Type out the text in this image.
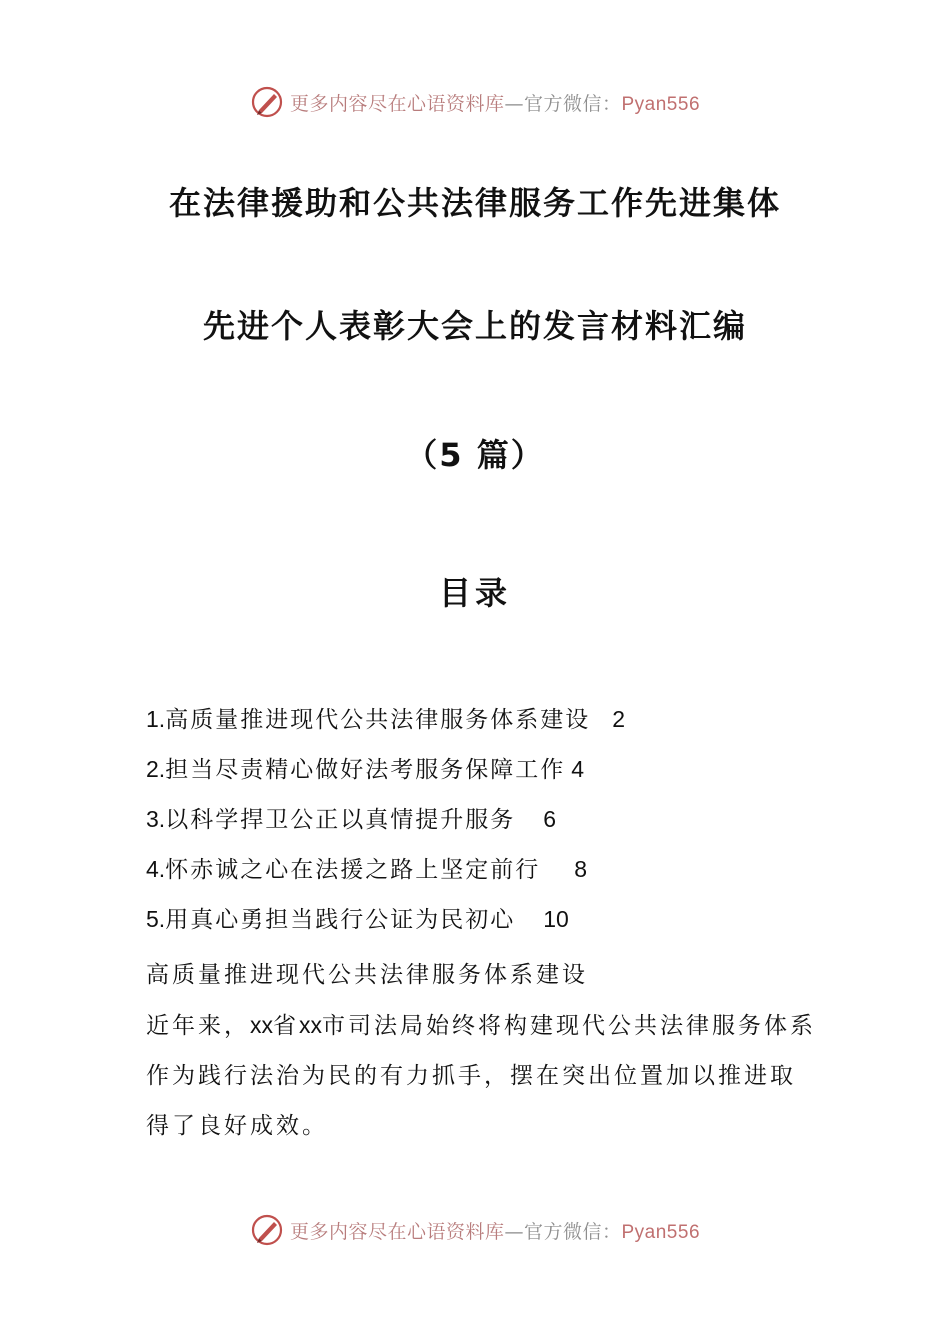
更多内容尽在心语资料库—官方微信：Pyan556
在法律援助和公共法律服务工作先进集体
先进个人表彰大会上的发言材料汇编
（5 篇）
目录
1.高质量推进现代公共法律服务体系建设 2
2.担当尽责精心做好法考服务保障工作 4
3.以科学捍卫公正以真情提升服务 6
4.怀赤诚之心在法援之路上坚定前行 8
5.用真心勇担当践行公证为民初心 10

高质量推进现代公共法律服务体系建设

近年来，xx省xx市司法局始终将构建现代公共法律服务体系作为践行法治为民的有力抓手，摆在突出位置加以推进取得了良好成效。

更多内容尽在心语资料库—官方微信：Pyan556
